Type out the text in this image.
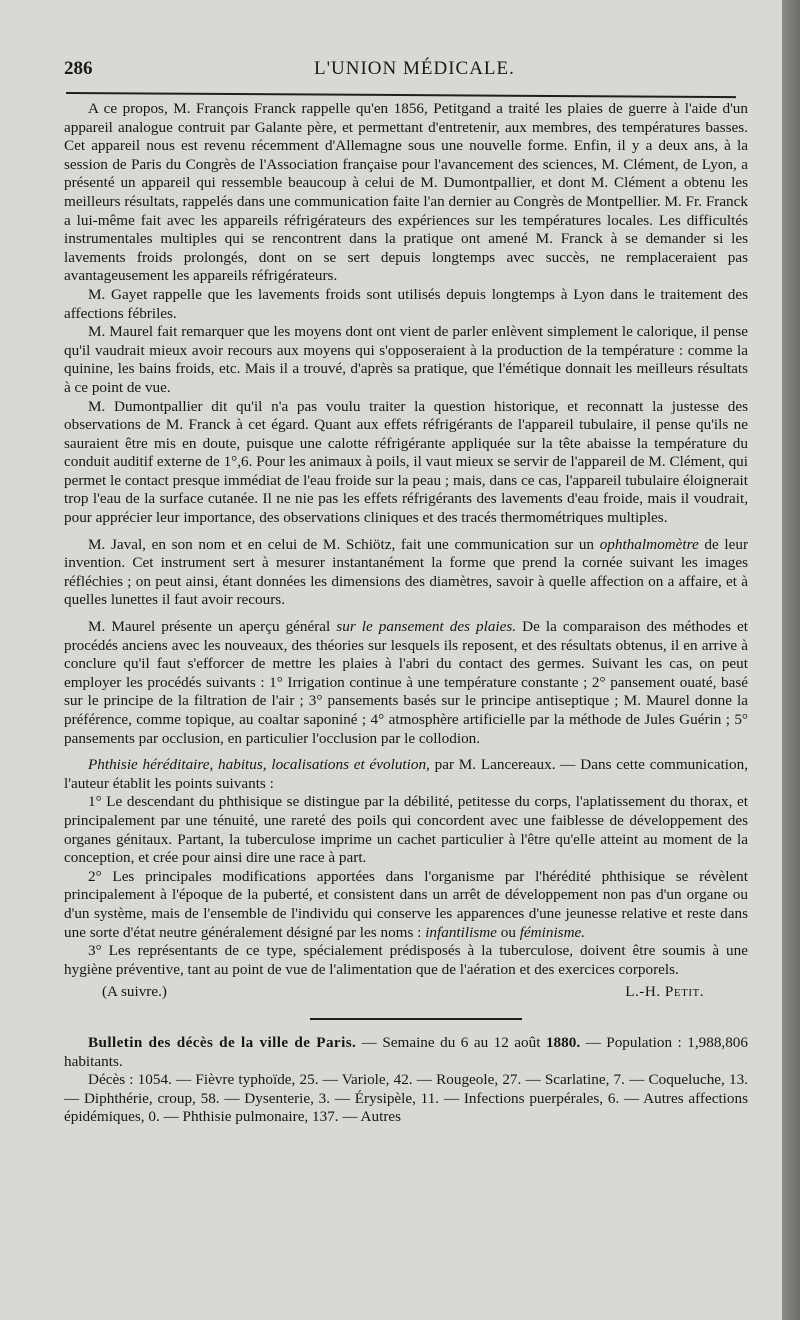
286	L'UNION MÉDICALE.

A ce propos, M. François Franck rappelle qu'en 1856, Petitgand a traité les plaies de guerre à l'aide d'un appareil analogue contruit par Galante père, et permettant d'entretenir, aux membres, des températures basses. Cet appareil nous est revenu récemment d'Allemagne sous une nouvelle forme. Enfin, il y a deux ans, à la session de Paris du Congrès de l'Association française pour l'avancement des sciences, M. Clément, de Lyon, a présenté un appareil qui ressemble beaucoup à celui de M. Dumontpallier, et dont M. Clément a obtenu les meilleurs résultats, rappelés dans une communication faite l'an dernier au Congrès de Montpellier. M. Fr. Franck a lui-même fait avec les appareils réfrigérateurs des expériences sur les températures locales. Les difficultés instrumentales multiples qui se rencontrent dans la pratique ont amené M. Franck à se demander si les lavements froids prolongés, dont on se sert depuis longtemps avec succès, ne remplaceraient pas avantageusement les appareils réfrigérateurs.

M. Gayet rappelle que les lavements froids sont utilisés depuis longtemps à Lyon dans le traitement des affections fébriles.

M. Maurel fait remarquer que les moyens dont ont vient de parler enlèvent simplement le calorique, il pense qu'il vaudrait mieux avoir recours aux moyens qui s'opposeraient à la production de la température : comme la quinine, les bains froids, etc. Mais il a trouvé, d'après sa pratique, que l'émétique donnait les meilleurs résultats à ce point de vue.

M. Dumontpallier dit qu'il n'a pas voulu traiter la question historique, et reconnatt la justesse des observations de M. Franck à cet égard. Quant aux effets réfrigérants de l'appareil tubulaire, il pense qu'ils ne sauraient être mis en doute, puisque une calotte réfrigérante appliquée sur la tête abaisse la température du conduit auditif externe de 1°,6. Pour les animaux à poils, il vaut mieux se servir de l'appareil de M. Clément, qui permet le contact presque immédiat de l'eau froide sur la peau ; mais, dans ce cas, l'appareil tubulaire éloignerait trop l'eau de la surface cutanée. Il ne nie pas les effets réfrigérants des lavements d'eau froide, mais il voudrait, pour apprécier leur importance, des observations cliniques et des tracés thermométriques multiples.

M. Javal, en son nom et en celui de M. Schiötz, fait une communication sur un ophthalmomètre de leur invention. Cet instrument sert à mesurer instantanément la forme que prend la cornée suivant les images réfléchies ; on peut ainsi, étant données les dimensions des diamètres, savoir à quelle affection on a affaire, et à quelles lunettes il faut avoir recours.

M. Maurel présente un aperçu général sur le pansement des plaies. De la comparaison des méthodes et procédés anciens avec les nouveaux, des théories sur lesquels ils reposent, et des résultats obtenus, il en arrive à conclure qu'il faut s'efforcer de mettre les plaies à l'abri du contact des germes. Suivant les cas, on peut employer les procédés suivants : 1° Irrigation continue à une température constante ; 2° pansement ouaté, basé sur le principe de la filtration de l'air ; 3° pansements basés sur le principe antiseptique ; M. Maurel donne la préférence, comme topique, au coaltar saponiné ; 4° atmosphère artificielle par la méthode de Jules Guérin ; 5° pansements par occlusion, en particulier l'occlusion par le collodion.

Phthisie héréditaire, habitus, localisations et évolution, par M. Lancereaux. — Dans cette communication, l'auteur établit les points suivants :

1° Le descendant du phthisique se distingue par la débilité, petitesse du corps, l'aplatissement du thorax, et principalement par une ténuité, une rareté des poils qui concordent avec une faiblesse de développement des organes génitaux. Partant, la tuberculose imprime un cachet particulier à l'être qu'elle atteint au moment de la conception, et crée pour ainsi dire une race à part.

2° Les principales modifications apportées dans l'organisme par l'hérédité phthisique se révèlent principalement à l'époque de la puberté, et consistent dans un arrêt de développement non pas d'un organe ou d'un système, mais de l'ensemble de l'individu qui conserve les apparences d'une jeunesse relative et reste dans une sorte d'état neutre généralement désigné par les noms : infantilisme ou féminisme.

3° Les représentants de ce type, spécialement prédisposés à la tuberculose, doivent être soumis à une hygiène préventive, tant au point de vue de l'alimentation que de l'aération et des exercices corporels.

(A suivre.)	L.-H. Petit.

Bulletin des décès de la ville de Paris. — Semaine du 6 au 12 août 1880. — Population : 1,988,806 habitants.

Décès : 1054. — Fièvre typhoïde, 25. — Variole, 42. — Rougeole, 27. — Scarlatine, 7. — Coqueluche, 13. — Diphthérie, croup, 58. — Dysenterie, 3. — Érysipèle, 11. — Infections puerpérales, 6. — Autres affections épidémiques, 0. — Phthisie pulmonaire, 137. — Autres
